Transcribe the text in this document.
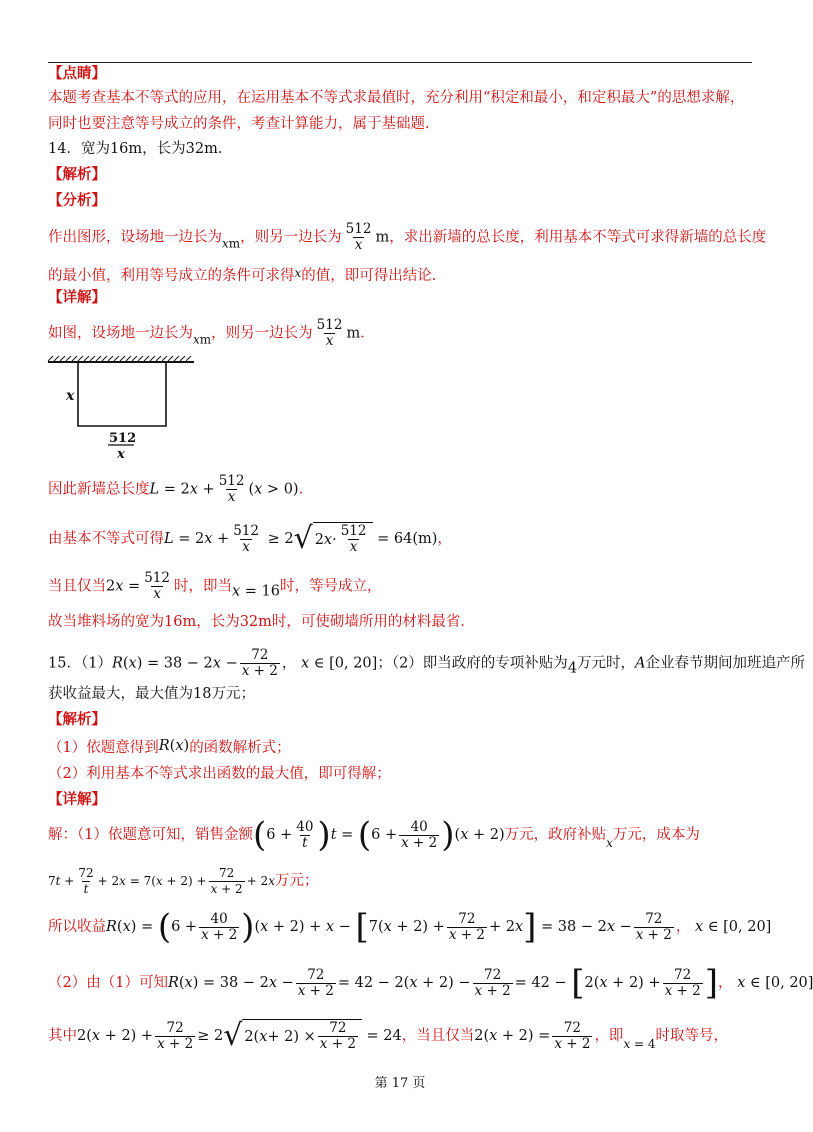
【点睛】
本题考查基本不等式的应用，在运用基本不等式求最值时，充分利用“积定和最小，和定积最大”的思想求解，
同时也要注意等号成立的条件，考查计算能力，属于基础题.
14．宽为16m，长为32m．
【解析】
【分析】
作出图形，设场地一边长为$_{xm}$，则另一边长为 $\frac{512}{x}$ m，求出新墙的总长度，利用基本不等式可求得新墙的总长度
的最小值，利用等号成立的条件可求得$^x$的值，即可得出结论.
【详解】
如图，设场地一边长为$_{xm}$，则另一边长为 $\frac{512}{x}$ m．
x
512
x
因此新墙总长度$L = 2x + \frac{512}{x} (x > 0)$．
由基本不等式可得$L = 2x + \frac{512}{x} \ge 2$ √ 2 $x \cdot \frac{512}{x} = 64(m)$，
当且仅当$2x = \frac{512}{x}$ 时，即当x = 16时，等号成立，
故当堆料场的宽为16m，长为32m时，可使砌墙所用的材料最省．
15．$(1)R(x) = 38 - 2x - \frac{72}{x + 2}$ ， x ∈ [0, 20]；（2）即当政府的专项补贴为4万元时，A企业春节期间加班追产所
获收益最大，最大值为18万元；
【解析】
（1）依题意得到R(x)的函数解析式；
（2）利用基本不等式求出函数的最大值，即可得解；
【详解】
解：（1）依题意可知，销售金额$(6 + \frac{40}{t} )t = (6 + \frac{40}{x + 2} )(x + 2)$万元，政府补贴$_x$万元，成本为
$7t + \frac{72}{t} + 2x = 7(x + 2) + \frac{72}{x + 2} + 2x$万元；
所以收益$R(x) = (6 + \frac{40}{x + 2} )(x + 2) + x - [7(x + 2) + \frac{72}{x + 2} + 2x] = 38 - 2x - \frac{72}{x + 2}$ ， x ∈ [0, 20]
（2）由（1）可知$R(x) = 38 - 2x - \frac{72}{x + 2} = 42 - 2(x + 2) - \frac{72}{x + 2} = 42 - [2(x + 2) + \frac{72}{x + 2}$ ]， x ∈ [0, 20]
其中$2(x + 2) + \frac{72}{x + 2} \ge 2$ √ 2( $x + 2) \times \frac{72}{x + 2} = 24$，当且仅当$2(x + 2) = \frac{72}{x + 2}$ ，即$_{x = 4}$时取等号，
第 17 页
